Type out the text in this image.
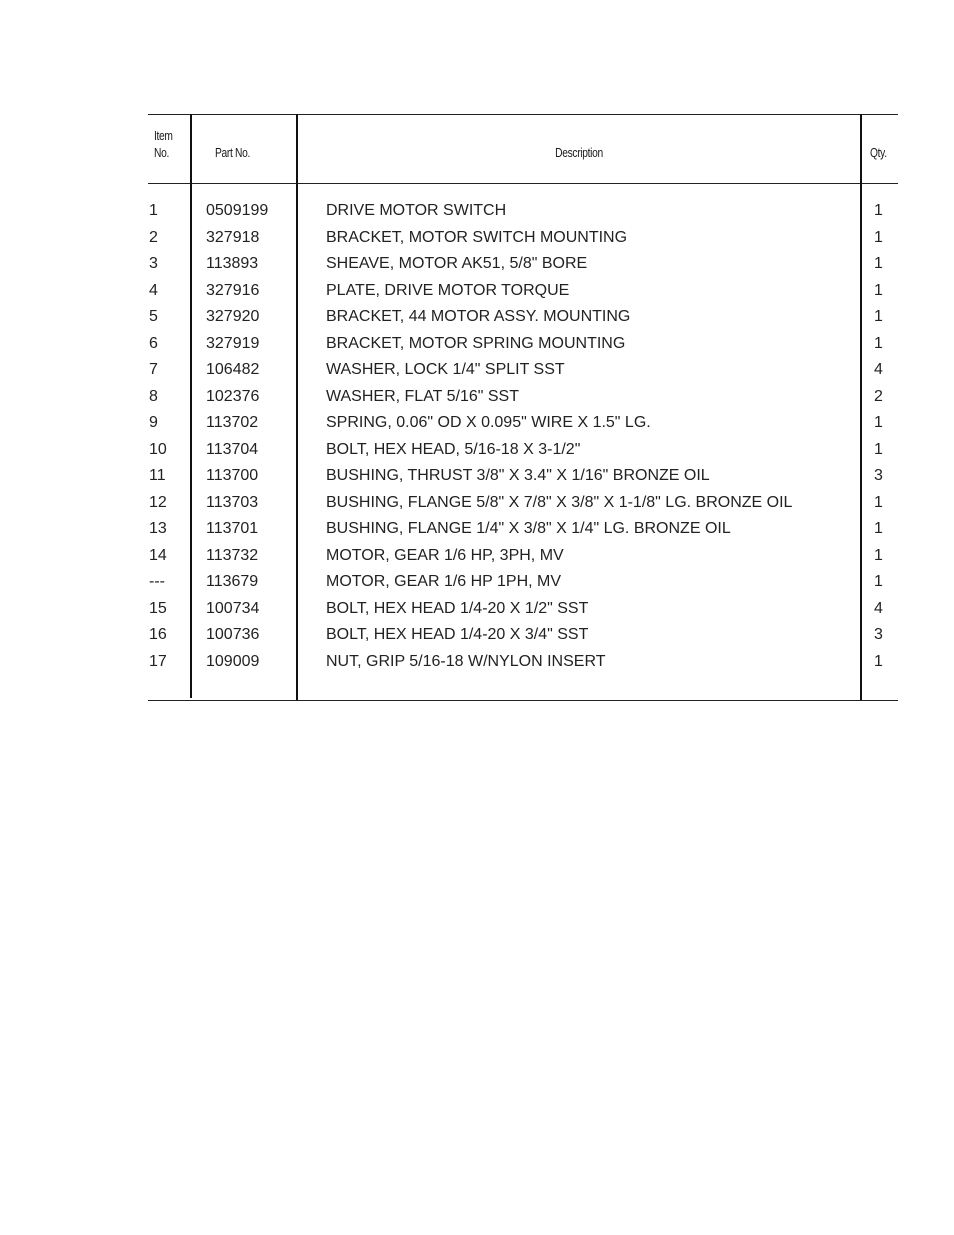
Item
No.	Part No.	Description	Qty.
1	0509199	DRIVE MOTOR SWITCH	1
2	327918	BRACKET, MOTOR SWITCH MOUNTING	1
3	113893	SHEAVE, MOTOR AK51, 5/8" BORE	1
4	327916	PLATE, DRIVE MOTOR TORQUE	1
5	327920	BRACKET, 44 MOTOR ASSY. MOUNTING	1
6	327919	BRACKET, MOTOR SPRING MOUNTING	1
7	106482	WASHER, LOCK 1/4" SPLIT SST	4
8	102376	WASHER, FLAT 5/16" SST	2
9	113702	SPRING, 0.06" OD X 0.095" WIRE X 1.5" LG.	1
10 113704	BOLT, HEX HEAD, 5/16-18 X 3-1/2"	1
11	113700	BUSHING, THRUST 3/8" X 3.4" X 1/16" BRONZE OIL	3
12 113703	BUSHING, FLANGE 5/8" X 7/8" X 3/8" X 1-1/8" LG. BRONZE OIL	1
13 113701	BUSHING, FLANGE 1/4" X 3/8" X 1/4" LG. BRONZE OIL	1
14 113732	MOTOR, GEAR 1/6 HP, 3PH, MV	1
---	113679	MOTOR, GEAR 1/6 HP 1PH, MV	1
15 100734	BOLT, HEX HEAD 1/4-20 X 1/2" SST	4
16 100736	BOLT, HEX HEAD 1/4-20 X 3/4" SST	3
17 109009	NUT, GRIP 5/16-18 W/NYLON INSERT	1
